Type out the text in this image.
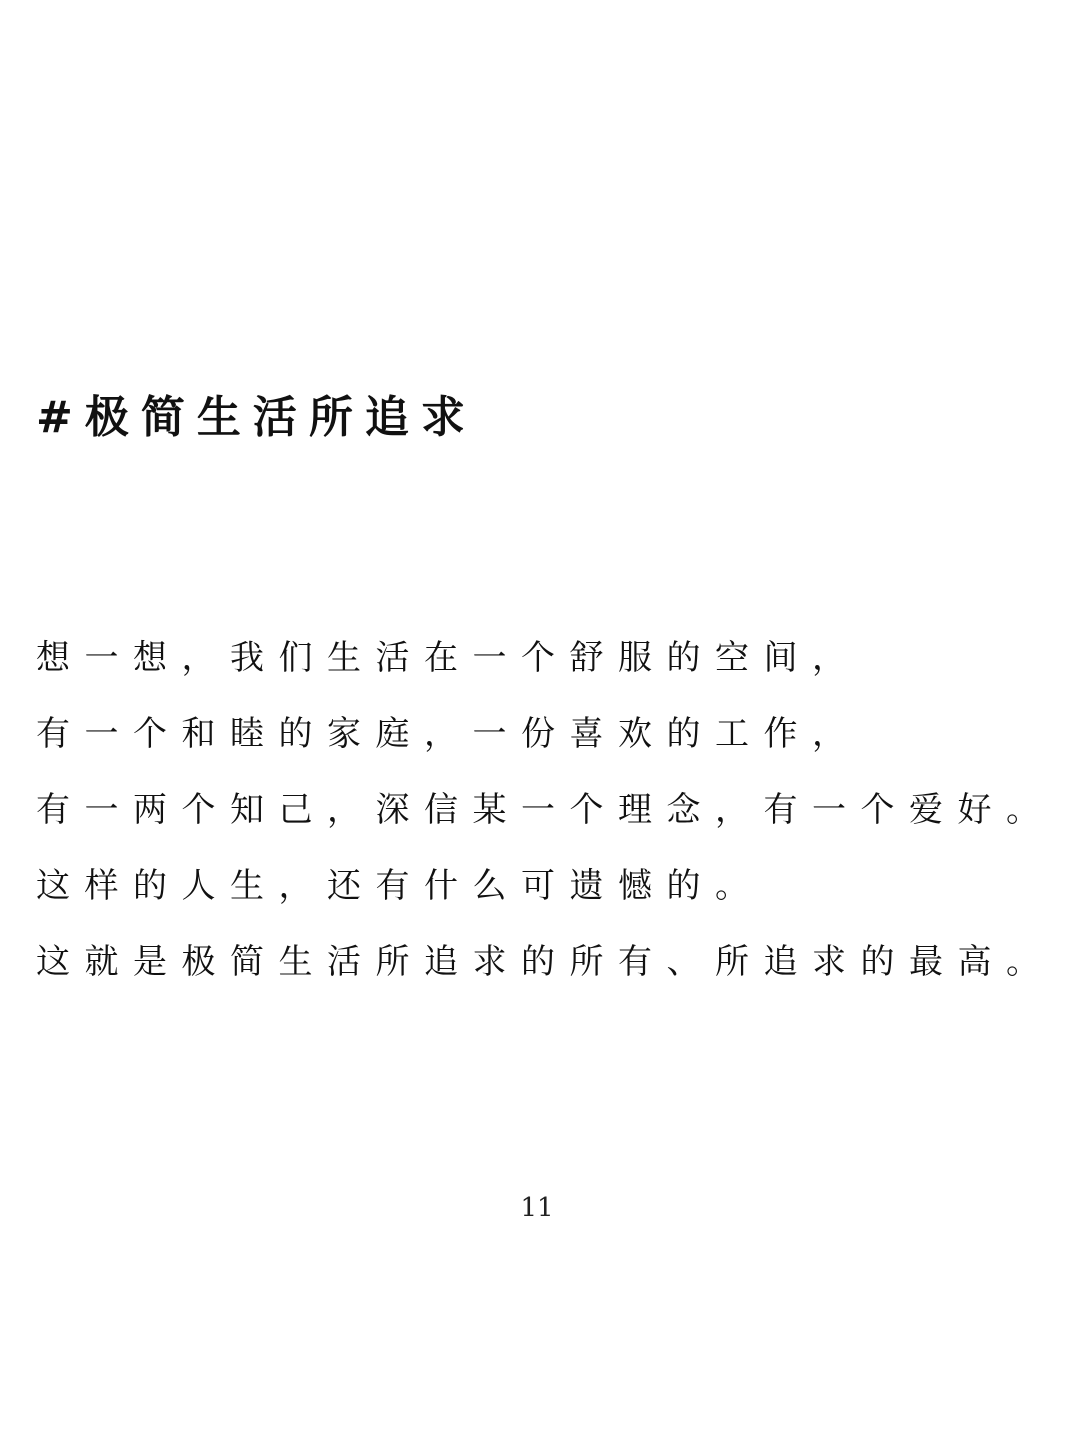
#极简生活所追求
想一想，我们生活在一个舒服的空间，
有一个和睦的家庭，一份喜欢的工作，
有一两个知己，深信某一个理念，有一个爱好。
这样的人生，还有什么可遗憾的。
这就是极简生活所追求的所有、所追求的最高。
11
